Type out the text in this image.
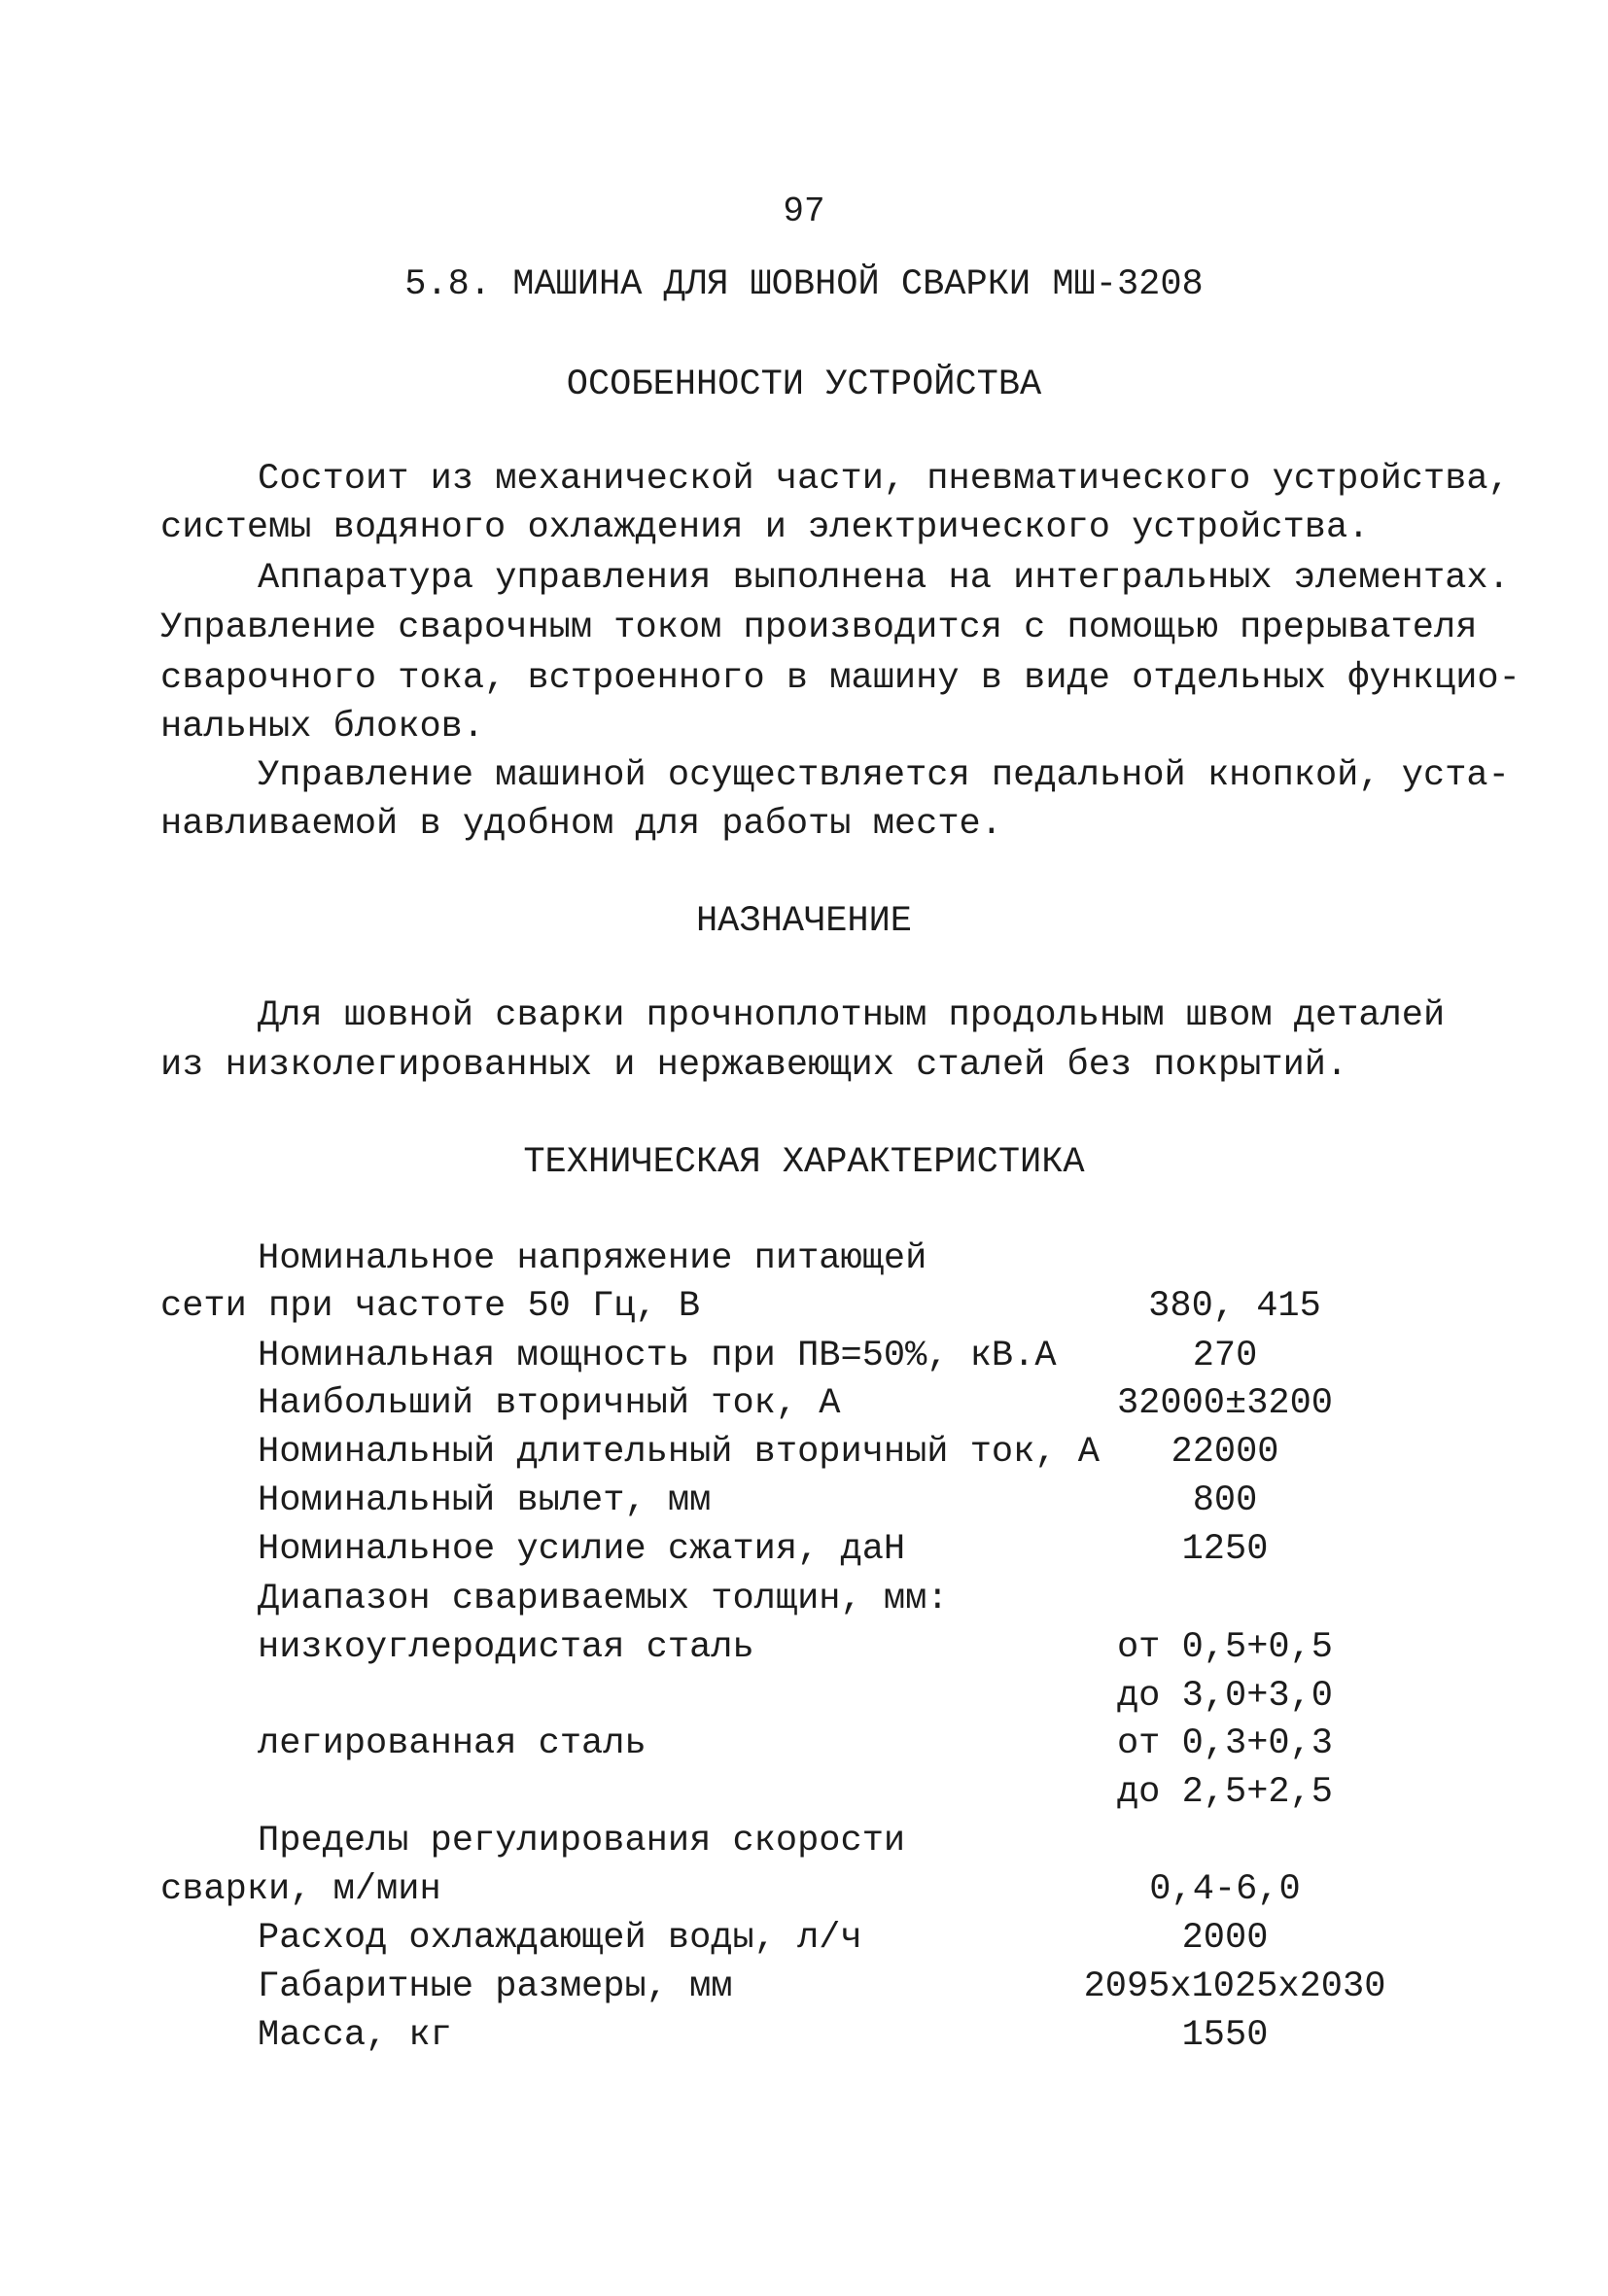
97
5.8. МАШИНА ДЛЯ ШОВНОЙ СВАРКИ МШ-3208
ОСОБЕННОСТИ УСТРОЙСТВА
Состоит из механической части, пневматического устройства,
системы водяного охлаждения и электрического устройства.
Аппаратура управления выполнена на интегральных элементах.
Управление сварочным током производится с помощью прерывателя
сварочного тока, встроенного в машину в виде отдельных функцио-
нальных блоков.
Управление машиной осуществляется педальной кнопкой, уста-
навливаемой в удобном для работы месте.
НАЗНАЧЕНИЕ
Для шовной сварки прочноплотным продольным швом деталей
из низколегированных и нержавеющих сталей без покрытий.
ТЕХНИЧЕСКАЯ ХАРАКТЕРИСТИКА
Номинальное напряжение питающей
сети при частоте 50 Гц, В	380, 415
Номинальная мощность при ПВ=50%, кВ.А	270
Наибольший вторичный ток, А	32000±3200
Номинальный длительный вторичный ток, А	22000
Номинальный вылет, мм	800
Номинальное усилие сжатия, даН	1250
Диапазон свариваемых толщин, мм:
низкоуглеродистая сталь	от 0,5+0,5
до 3,0+3,0
легированная сталь	от 0,3+0,3
до 2,5+2,5
Пределы регулирования скорости
сварки, м/мин	0,4-6,0
Расход охлаждающей воды, л/ч	2000
Габаритные размеры, мм	2095x1025x2030
Масса, кг	1550
